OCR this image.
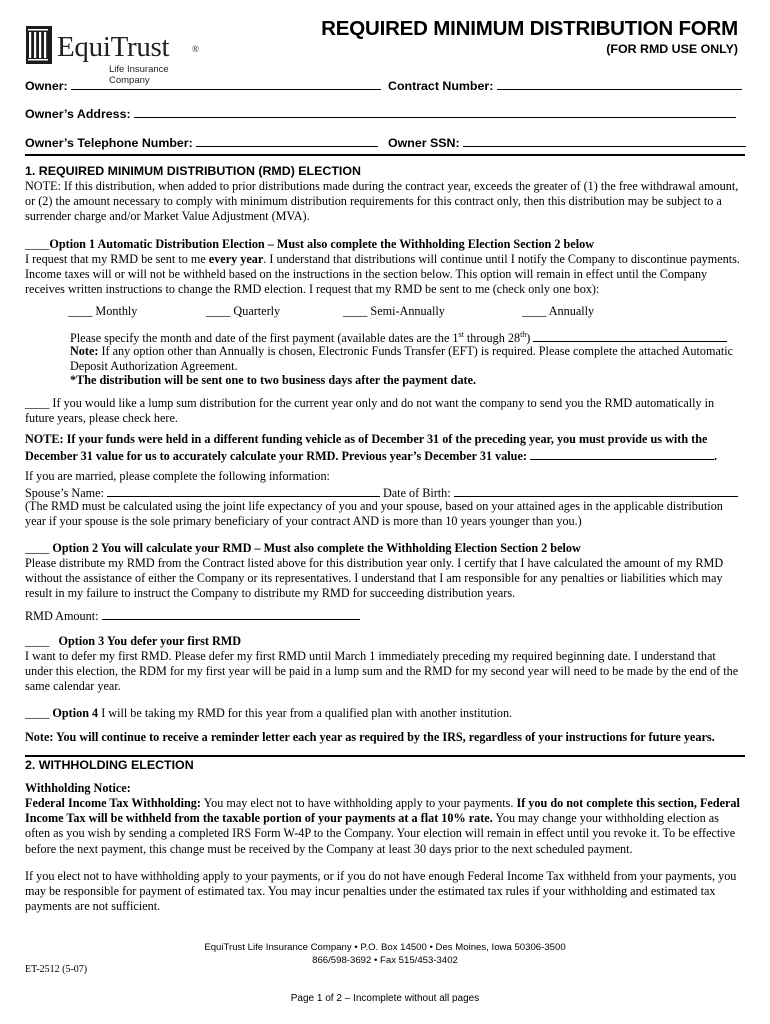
EquiTrust	®
Life Insurance Company
REQUIRED MINIMUM DISTRIBUTION FORM
(FOR RMD USE ONLY)
Owner:	Contract Number:
Owner’s Address:
Owner’s Telephone Number:	Owner SSN:
1. REQUIRED MINIMUM DISTRIBUTION (RMD) ELECTION

NOTE: If this distribution, when added to prior distributions made during the contract year, exceeds the greater of (1) the free withdrawal amount, or (2) the amount necessary to comply with minimum distribution requirements for this contract only, then this distribution may be subject to a surrender charge and/or Market Value Adjustment (MVA).

____Option 1 Automatic Distribution Election – Must also complete the Withholding Election Section 2 below

I request that my RMD be sent to me every year. I understand that distributions will continue until I notify the Company to discontinue payments. Income taxes will or will not be withheld based on the instructions in the section below. This option will remain in effect until the Company receives written instructions to change the RMD election. I request that my RMD be sent to me (check only one box):

____ Monthly	____ Quarterly	____ Semi-Annually	____ Annually

Please specify the month and date of the first payment (available dates are the 1st through 28th)

Note: If any option other than Annually is chosen, Electronic Funds Transfer (EFT) is required. Please complete the attached Automatic Deposit Authorization Agreement.

*The distribution will be sent one to two business days after the payment date.

____ If you would like a lump sum distribution for the current year only and do not want the company to send you the RMD automatically in future years, please check here.

NOTE: If your funds were held in a different funding vehicle as of December 31 of the preceding year, you must provide us with the December 31 value for us to accurately calculate your RMD. Previous year’s December 31 value:	.

If you are married, please complete the following information:

Spouse’s Name:	Date of Birth:

(The RMD must be calculated using the joint life expectancy of you and your spouse, based on your attained ages in the applicable distribution year if your spouse is the sole primary beneficiary of your contract AND is more than 10 years younger than you.)

____ Option 2 You will calculate your RMD – Must also complete the Withholding Election Section 2 below

Please distribute my RMD from the Contract listed above for this distribution year only. I certify that I have calculated the amount of my RMD without the assistance of either the Company or its representatives. I understand that I am responsible for any penalties or liabilities which may result in my failure to instruct the Company to distribute my RMD for succeeding distribution years.

RMD Amount:

____ Option 3 You defer your first RMD

I want to defer my first RMD. Please defer my first RMD until March 1 immediately preceding my required beginning date. I understand that under this election, the RDM for my first year will be paid in a lump sum and the RMD for my second year will need to be made by the end of the same calendar year.

____ Option 4 I will be taking my RMD for this year from a qualified plan with another institution.

Note: You will continue to receive a reminder letter each year as required by the IRS, regardless of your instructions for future years.

2. WITHHOLDING ELECTION

Withholding Notice:

Federal Income Tax Withholding: You may elect not to have withholding apply to your payments. If you do not complete this section, Federal Income Tax will be withheld from the taxable portion of your payments at a flat 10% rate. You may change your withholding election as often as you wish by sending a completed IRS Form W-4P to the Company. Your election will remain in effect until you revoke it. To be effective before the next payment, this change must be received by the Company at least 30 days prior to the next scheduled payment.

If you elect not to have withholding apply to your payments, or if you do not have enough Federal Income Tax withheld from your payments, you may be responsible for payment of estimated tax. You may incur penalties under the estimated tax rules if your withholding and estimated tax payments are not sufficient.

EquiTrust Life Insurance Company • P.O. Box 14500 • Des Moines, Iowa 50306-3500
866/598-3692 • Fax 515/453-3402
ET-2512 (5-07)
Page 1 of 2 – Incomplete without all pages
